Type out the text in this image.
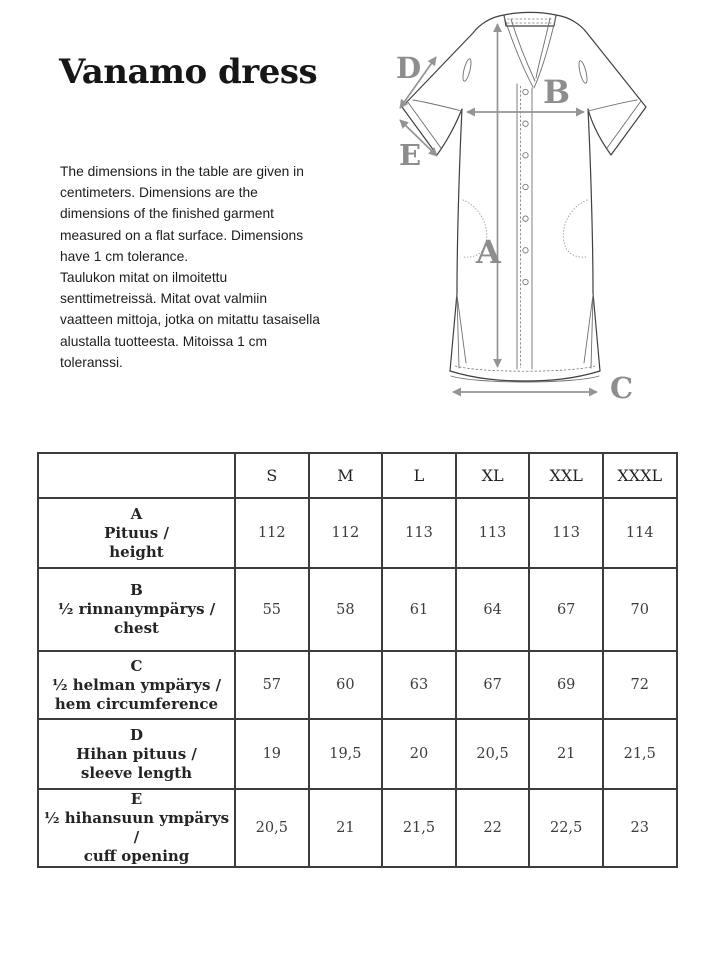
Vanamo dress

The dimensions in the table are given in centimeters. Dimensions are the dimensions of the finished garment measured on a flat surface. Dimensions have 1 cm tolerance.

Taulukon mitat on ilmoitettu senttimetreissä. Mitat ovat valmiin vaatteen mittoja, jotka on mitattu tasaisella alustalla tuotteesta. Mitoissa 1 cm toleranssi.

D
E
B
A
C
	S	M	L	XL	XXL	XXXL

A
Pituus /
height	112	112	113	113	113	114

B
½ rinnanympärys /
chest	55	58	61	64	67	70

C
½ helman ympärys /
hem circumference	57	60	63	67	69	72

D
Hihan pituus /
sleeve length	19	19,5	20	20,5	21	21,5

E
½ hihansuun ympärys /
cuff opening	20,5	21	21,5	22	22,5	23
